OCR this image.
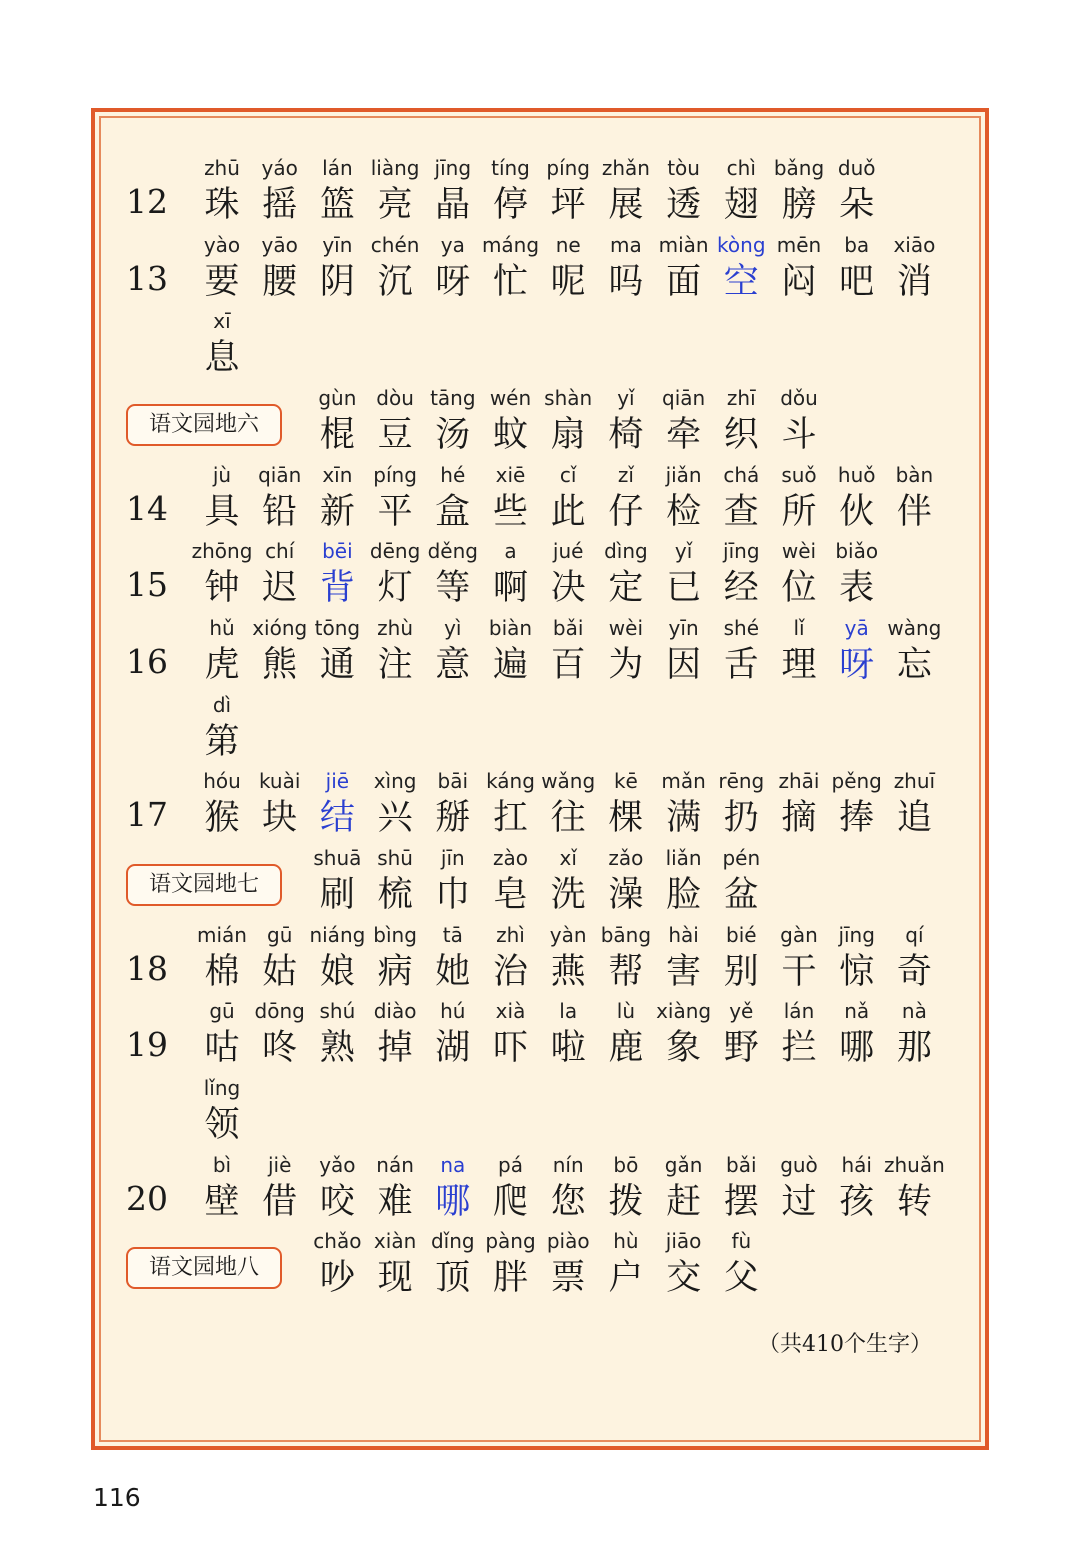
12
zhū
珠
yáo
摇
lán
篮
liàng
亮
jīng
晶
tíng
停
píng
坪
zhǎn
展
tòu
透
chì
翅
bǎng
膀
duǒ
朵
13
yào
要
yāo
腰
yīn
阴
chén
沉
ya
呀
máng
忙
ne
呢
ma
吗
miàn
面
kòng
空
mēn
闷
ba
吧
xiāo
消
xī
息
语文园地六
gùn
棍
dòu
豆
tāng
汤
wén
蚊
shàn
扇
yǐ
椅
qiān
牵
zhī
织
dǒu
斗
14
jù
具
qiān
铅
xīn
新
píng
平
hé
盒
xiē
些
cǐ
此
zǐ
仔
jiǎn
检
chá
查
suǒ
所
huǒ
伙
bàn
伴
15
zhōng
钟
chí
迟
bēi
背
dēng
灯
děng
等
a
啊
jué
决
dìng
定
yǐ
已
jīng
经
wèi
位
biǎo
表
16
hǔ
虎
xióng
熊
tōng
通
zhù
注
yì
意
biàn
遍
bǎi
百
wèi
为
yīn
因
shé
舌
lǐ
理
yā
呀
wàng
忘
dì
第
17
hóu
猴
kuài
块
jiē
结
xìng
兴
bāi
掰
káng
扛
wǎng
往
kē
棵
mǎn
满
rēng
扔
zhāi
摘
pěng
捧
zhuī
追
语文园地七
shuā
刷
shū
梳
jīn
巾
zào
皂
xǐ
洗
zǎo
澡
liǎn
脸
pén
盆
18
mián
棉
gū
姑
niáng
娘
bìng
病
tā
她
zhì
治
yàn
燕
bāng
帮
hài
害
bié
别
gàn
干
jīng
惊
qí
奇
19
gū
咕
dōng
咚
shú
熟
diào
掉
hú
湖
xià
吓
la
啦
lù
鹿
xiàng
象
yě
野
lán
拦
nǎ
哪
nà
那
lǐng
领
20
bì
壁
jiè
借
yǎo
咬
nán
难
na
哪
pá
爬
nín
您
bō
拨
gǎn
赶
bǎi
摆
guò
过
hái
孩
zhuǎn
转
语文园地八
chǎo
吵
xiàn
现
dǐng
顶
pàng
胖
piào
票
hù
户
jiāo
交
fù
父
（共410个生字）
116
